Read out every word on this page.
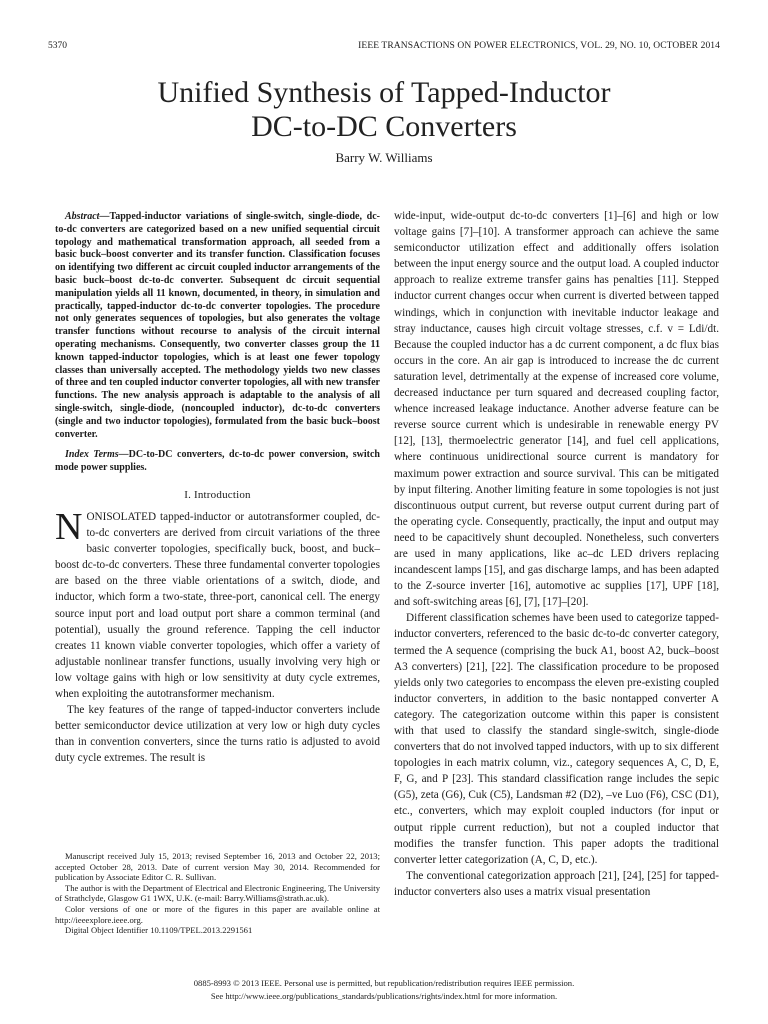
5370	IEEE TRANSACTIONS ON POWER ELECTRONICS, VOL. 29, NO. 10, OCTOBER 2014
Unified Synthesis of Tapped-Inductor
DC-to-DC Converters
Barry W. Williams

Abstract—Tapped-inductor variations of single-switch, single-diode, dc-to-dc converters are categorized based on a new unified sequential circuit topology and mathematical transformation approach, all seeded from a basic buck–boost converter and its transfer function. Classification focuses on identifying two different ac circuit coupled inductor arrangements of the basic buck–boost dc-to-dc converter. Subsequent dc circuit sequential manipulation yields all 11 known, documented, in theory, in simulation and practically, tapped-inductor dc-to-dc converter topologies. The procedure not only generates sequences of topologies, but also generates the voltage transfer functions without recourse to analysis of the circuit internal operating mechanisms. Consequently, two converter classes group the 11 known tapped-inductor topologies, which is at least one fewer topology classes than universally accepted. The methodology yields two new classes of three and ten coupled inductor converter topologies, all with new transfer functions. The new analysis approach is adaptable to the analysis of all single-switch, single-diode, (noncoupled inductor), dc-to-dc converters (single and two inductor topologies), formulated from the basic buck–boost converter.

Index Terms—DC-to-DC converters, dc-to-dc power conversion, switch mode power supplies.

I. Introduction

NONISOLATED tapped-inductor or autotransformer coupled, dc-to-dc converters are derived from circuit variations of the three basic converter topologies, specifically buck, boost, and buck–boost dc-to-dc converters. These three fundamental converter topologies are based on the three viable orientations of a switch, diode, and inductor, which form a two-state, three-port, canonical cell. The energy source input port and load output port share a common terminal (and potential), usually the ground reference. Tapping the cell inductor creates 11 known viable converter topologies, which offer a variety of adjustable nonlinear transfer functions, usually involving very high or low voltage gains with high or low sensitivity at duty cycle extremes, when exploiting the autotransformer mechanism.

The key features of the range of tapped-inductor converters include better semiconductor device utilization at very low or high duty cycles than in convention converters, since the turns ratio is adjusted to avoid duty cycle extremes. The result is

Manuscript received July 15, 2013; revised September 16, 2013 and October 22, 2013; accepted October 28, 2013. Date of current version May 30, 2014. Recommended for publication by Associate Editor C. R. Sullivan.

The author is with the Department of Electrical and Electronic Engineering, The University of Strathclyde, Glasgow G1 1WX, U.K. (e-mail: Barry.Williams@strath.ac.uk).

Color versions of one or more of the figures in this paper are available online at http://ieeexplore.ieee.org.

Digital Object Identifier 10.1109/TPEL.2013.2291561

wide-input, wide-output dc-to-dc converters [1]–[6] and high or low voltage gains [7]–[10]. A transformer approach can achieve the same semiconductor utilization effect and additionally offers isolation between the input energy source and the output load. A coupled inductor approach to realize extreme transfer gains has penalties [11]. Stepped inductor current changes occur when current is diverted between tapped windings, which in conjunction with inevitable inductor leakage and stray inductance, causes high circuit voltage stresses, c.f. v = Ldi/dt. Because the coupled inductor has a dc current component, a dc flux bias occurs in the core. An air gap is introduced to increase the dc current saturation level, detrimentally at the expense of increased core volume, decreased inductance per turn squared and decreased coupling factor, whence increased leakage inductance. Another adverse feature can be reverse source current which is undesirable in renewable energy PV [12], [13], thermoelectric generator [14], and fuel cell applications, where continuous unidirectional source current is mandatory for maximum power extraction and source survival. This can be mitigated by input filtering. Another limiting feature in some topologies is not just discontinuous output current, but reverse output current during part of the operating cycle. Consequently, practically, the input and output may need to be capacitively shunt decoupled. Nonetheless, such converters are used in many applications, like ac–dc LED drivers replacing incandescent lamps [15], and gas discharge lamps, and has been adapted to the Z-source inverter [16], automotive ac supplies [17], UPF [18], and soft-switching areas [6], [7], [17]–[20].

Different classification schemes have been used to categorize tapped-inductor converters, referenced to the basic dc-to-dc converter category, termed the A sequence (comprising the buck A1, boost A2, buck–boost A3 converters) [21], [22]. The classification procedure to be proposed yields only two categories to encompass the eleven pre-existing coupled inductor converters, in addition to the basic nontapped converter A category. The categorization outcome within this paper is consistent with that used to classify the standard single-switch, single-diode converters that do not involved tapped inductors, with up to six different topologies in each matrix column, viz., category sequences A, C, D, E, F, G, and P [23]. This standard classification range includes the sepic (G5), zeta (G6), Cuk (C5), Landsman #2 (D2), –ve Luo (F6), CSC (D1), etc., converters, which may exploit coupled inductors (for input or output ripple current reduction), but not a coupled inductor that modifies the transfer function. This paper adopts the traditional converter letter categorization (A, C, D, etc.).

The conventional categorization approach [21], [24], [25] for tapped-inductor converters also uses a matrix visual presentation

0885-8993 © 2013 IEEE. Personal use is permitted, but republication/redistribution requires IEEE permission.
See http://www.ieee.org/publications_standards/publications/rights/index.html for more information.
